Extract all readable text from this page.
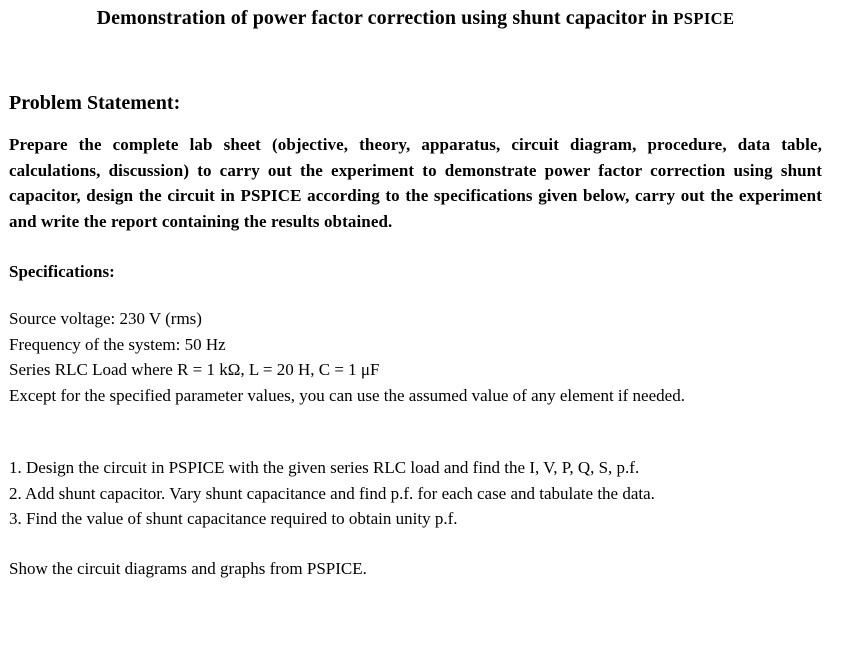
Demonstration of power factor correction using shunt capacitor in PSPICE
Problem Statement:
Prepare the complete lab sheet (objective, theory, apparatus, circuit diagram, procedure, data table, calculations, discussion) to carry out the experiment to demonstrate power factor correction using shunt capacitor, design the circuit in PSPICE according to the specifications given below, carry out the experiment and write the report containing the results obtained.
Specifications:
Source voltage: 230 V (rms)
Frequency of the system: 50 Hz
Series RLC Load where R = 1 kΩ, L = 20 H, C = 1 μF
Except for the specified parameter values, you can use the assumed value of any element if needed.
1. Design the circuit in PSPICE with the given series RLC load and find the I, V, P, Q, S, p.f.
2. Add shunt capacitor. Vary shunt capacitance and find p.f. for each case and tabulate the data.
3. Find the value of shunt capacitance required to obtain unity p.f.
Show the circuit diagrams and graphs from PSPICE.
